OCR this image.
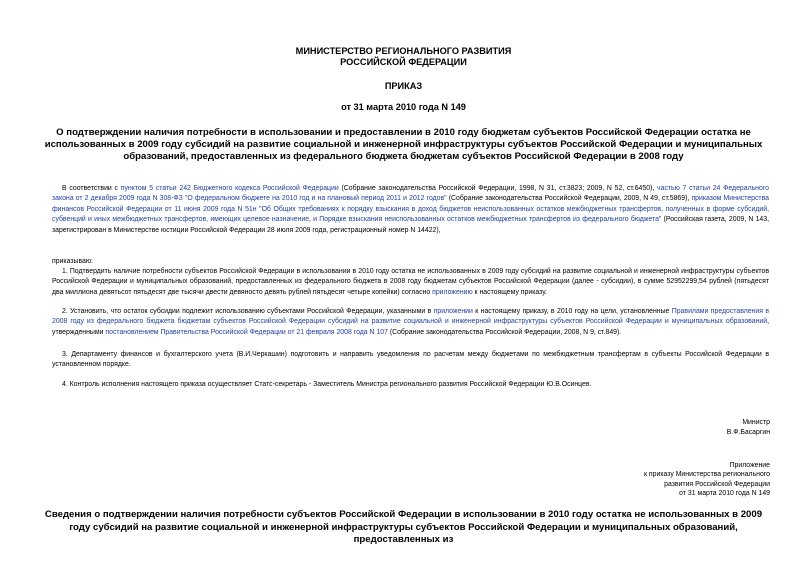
МИНИСТЕРСТВО РЕГИОНАЛЬНОГО РАЗВИТИЯ
РОССИЙСКОЙ ФЕДЕРАЦИИ
ПРИКАЗ
от 31 марта 2010 года N 149
О подтверждении наличия потребности в использовании и предоставлении в 2010 году бюджетам субъектов Российской Федерации остатка не использованных в 2009 году субсидий на развитие социальной и инженерной инфраструктуры субъектов Российской Федерации и муниципальных образований, предоставленных из федерального бюджета бюджетам субъектов Российской Федерации в 2008 году
В соответствии с пунктом 5 статьи 242 Бюджетного кодекса Российской Федерации (Собрание законодательства Российской Федерации, 1998, N 31, ст.3823; 2009, N 52, ст.6450), частью 7 статьи 24 Федерального закона от 2 декабря 2009 года N 308-ФЗ "О федеральном бюджете на 2010 год и на плановый период 2011 и 2012 годов" (Собрание законодательства Российской Федерации, 2009, N 49, ст.5869), приказом Министерства финансов Российской Федерации от 11 июня 2009 года N 51н "Об Общих требованиях к порядку взыскания в доход бюджетов неиспользованных остатков межбюджетных трансфертов, полученных в форме субсидий, субвенций и иных межбюджетных трансфертов, имеющих целевое назначение, и Порядке взыскания неиспользованных остатков межбюджетных трансфертов из федерального бюджета" (Российская газета, 2009, N 143, зарегистрирован в Министерстве юстиции Российской Федерации 28 июля 2009 года, регистрационный номер N 14422),
приказываю:
1. Подтвердить наличие потребности субъектов Российской Федерации в использовании в 2010 году остатка не использованных в 2009 году субсидий на развитие социальной и инженерной инфраструктуры субъектов Российской Федерации и муниципальных образований, предоставленных из федерального бюджета в 2008 году бюджетам субъектов Российской Федерации (далее - субсидии), в сумме 52952299,54 рублей (пятьдесят два миллиона девятьсот пятьдесят две тысячи двести девяносто девять рублей пятьдесят четыре копейки) согласно приложению к настоящему приказу.
2. Установить, что остаток субсидии подлежит использованию субъектами Российской Федерации, указанными в приложении к настоящему приказу, в 2010 году на цели, установленные Правилами предоставления в 2008 году из федерального бюджета бюджетам субъектов Российской Федерации субсидий на развитие социальной и инженерной инфраструктуры субъектов Российской Федерации и муниципальных образований, утвержденными постановлением Правительства Российской Федерации от 21 февраля 2008 года N 107 (Собрание законодательства Российской Федерации, 2008, N 9, ст.849).
3. Департаменту финансов и бухгалтерского учета (В.И.Черкашин) подготовить и направить уведомления по расчетам между бюджетами по межбюджетным трансфертам в субъекты Российской Федерации в установленном порядке.
4. Контроль исполнения настоящего приказа осуществляет Статс-секретарь - Заместитель Министра регионального развития Российской Федерации Ю.В.Осинцев.
Министр
В.Ф.Басаргин
Приложение
к приказу Министерства регионального
развития Российской Федерации
от 31 марта 2010 года N 149
Сведения о подтверждении наличия потребности субъектов Российской Федерации в использовании в 2010 году остатка не использованных в 2009 году субсидий на развитие социальной и инженерной инфраструктуры субъектов Российской Федерации и муниципальных образований, предоставленных из
